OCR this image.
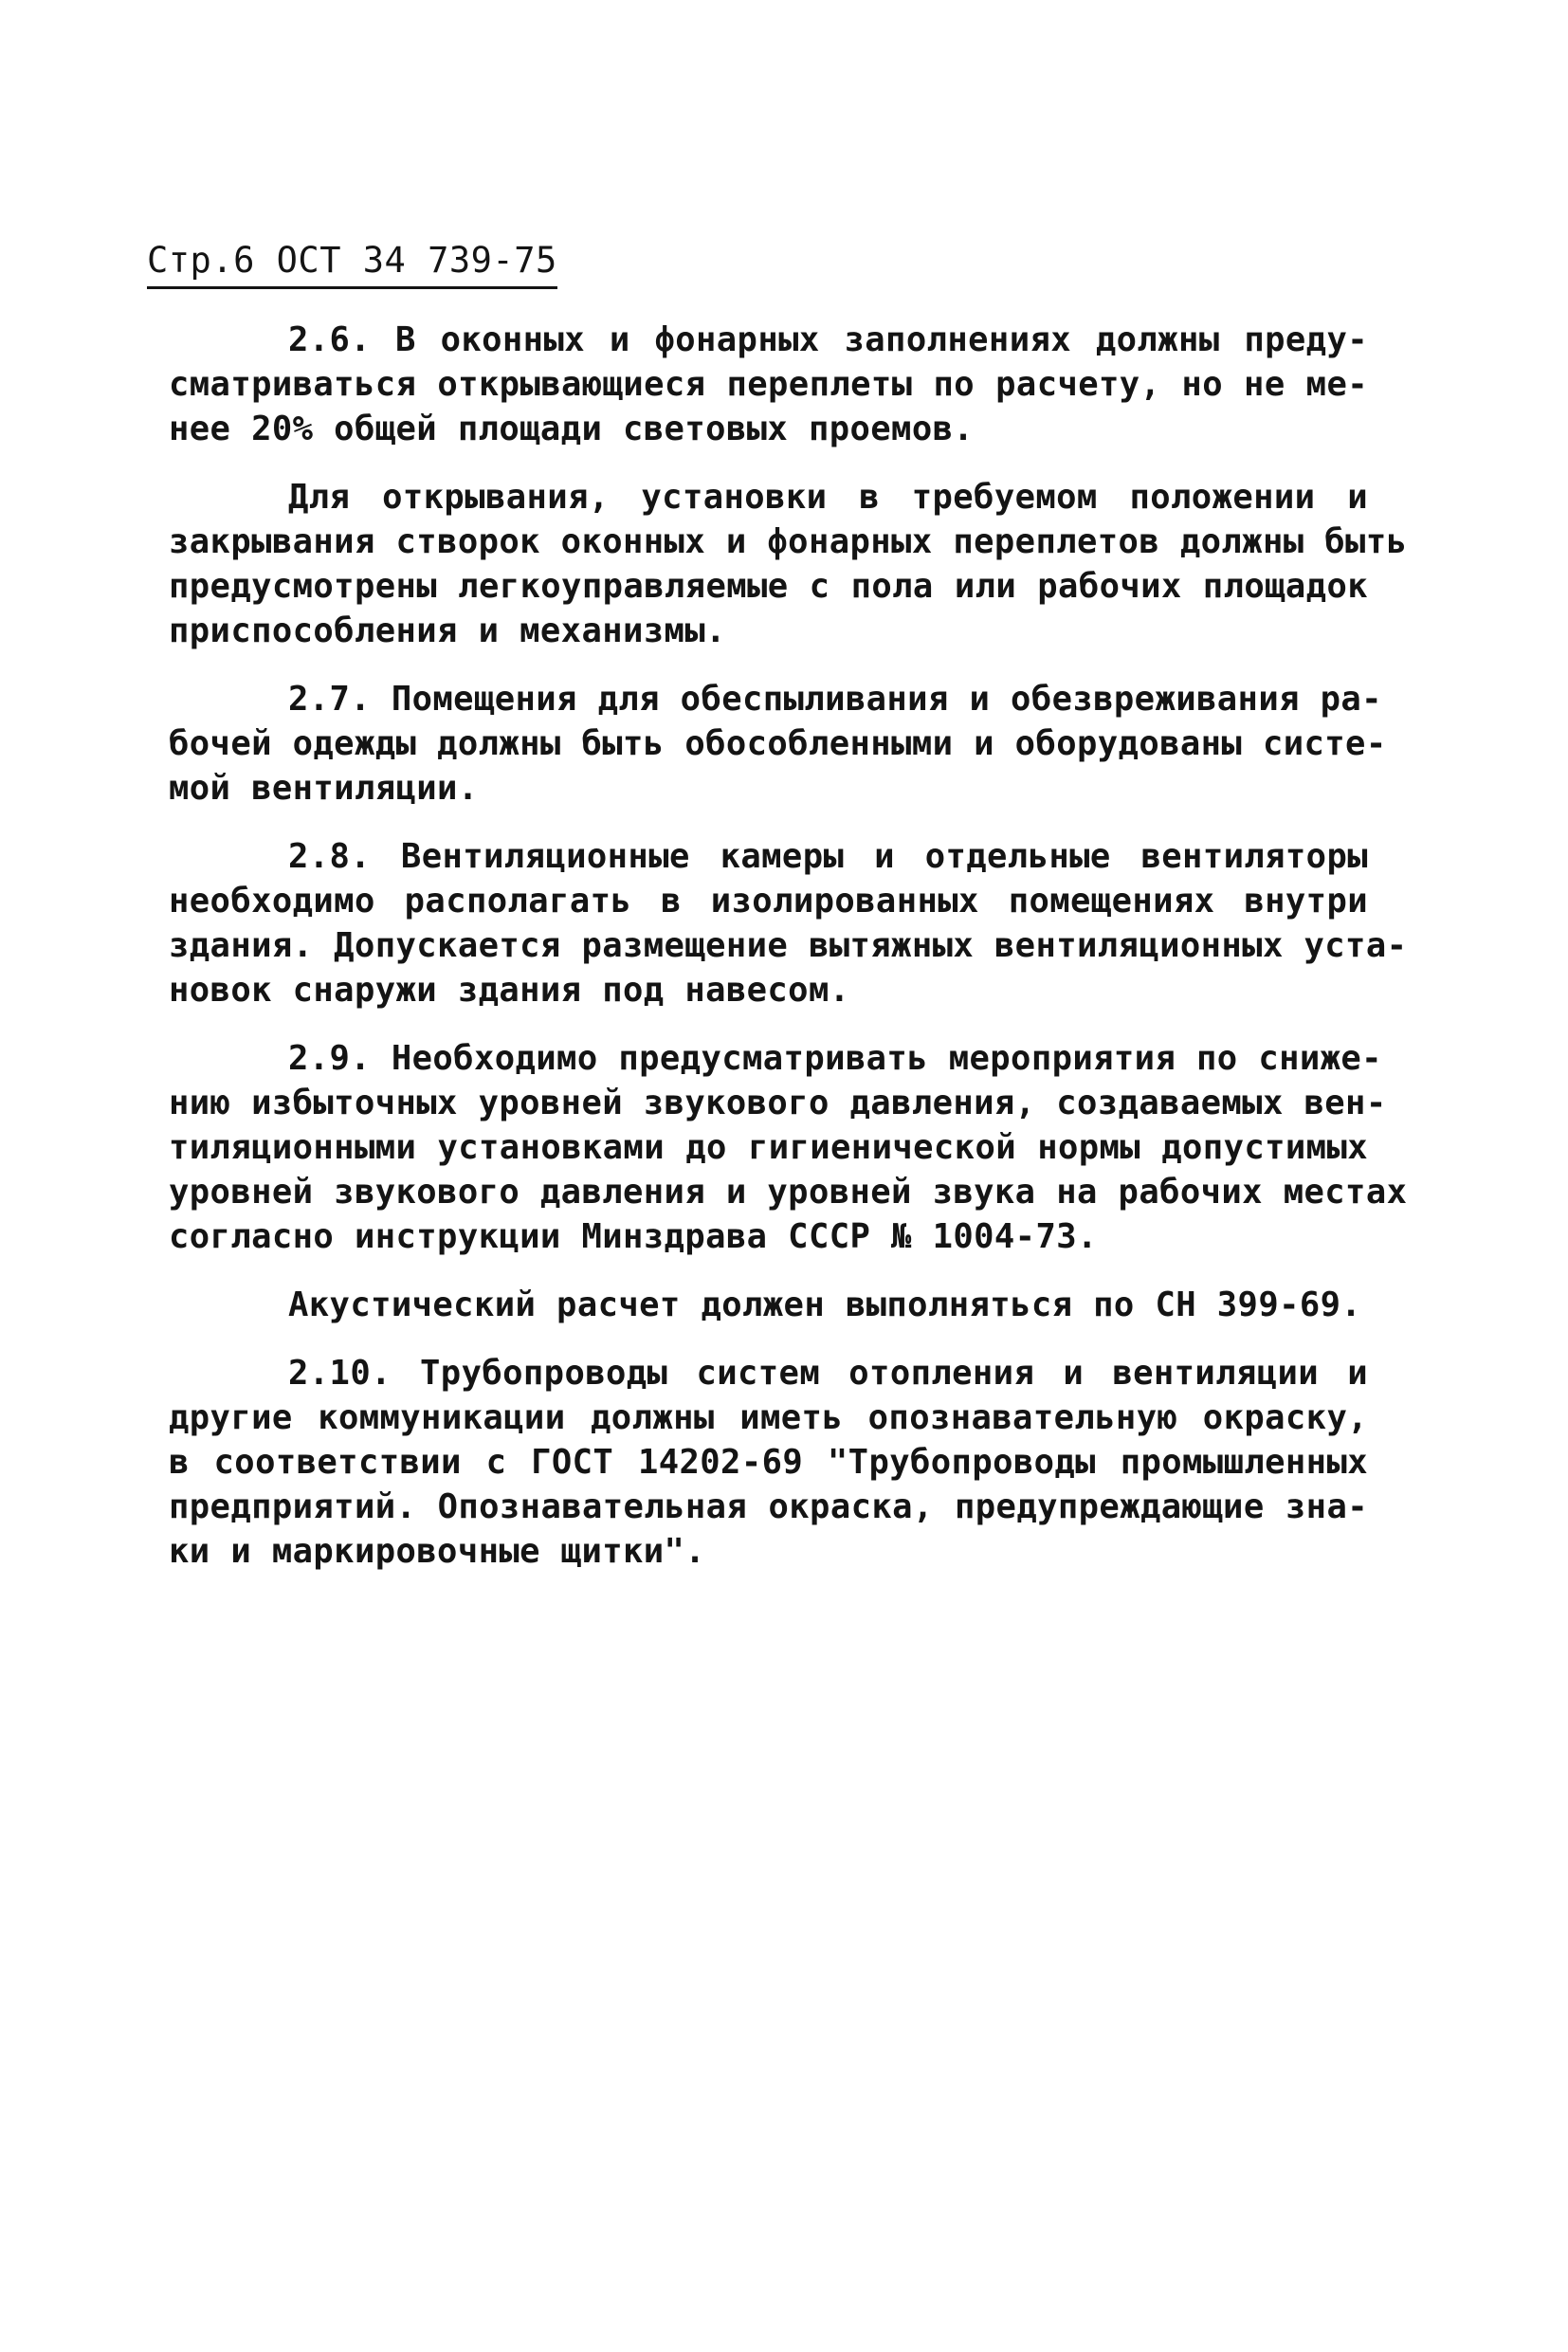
Стр.6 ОСТ 34 739-75
2.6. В оконных и фонарных заполнениях должны преду-
сматриваться открывающиеся переплеты по расчету, но не ме-
нее 20% общей площади световых проемов.
Для открывания, установки в требуемом положении и
закрывания створок оконных и фонарных переплетов должны быть
предусмотрены легкоуправляемые с пола или рабочих площадок
приспособления и механизмы.
2.7. Помещения для обеспыливания и обезвреживания ра-
бочей одежды должны быть обособленными и оборудованы систе-
мой вентиляции.
2.8. Вентиляционные камеры и отдельные вентиляторы
необходимо располагать в изолированных помещениях внутри
здания. Допускается размещение вытяжных вентиляционных уста-
новок снаружи здания под навесом.
2.9. Необходимо предусматривать мероприятия по сниже-
нию избыточных уровней звукового давления, создаваемых вен-
тиляционными установками до гигиенической нормы допустимых
уровней звукового давления и уровней звука на рабочих местах
согласно инструкции Минздрава СССР № 1004-73.
Акустический расчет должен выполняться по СН 399-69.
2.10. Трубопроводы систем отопления и вентиляции и
другие коммуникации должны иметь опознавательную окраску,
в соответствии с ГОСТ 14202-69 "Трубопроводы промышленных
предприятий. Опознавательная окраска, предупреждающие зна-
ки и маркировочные щитки".
